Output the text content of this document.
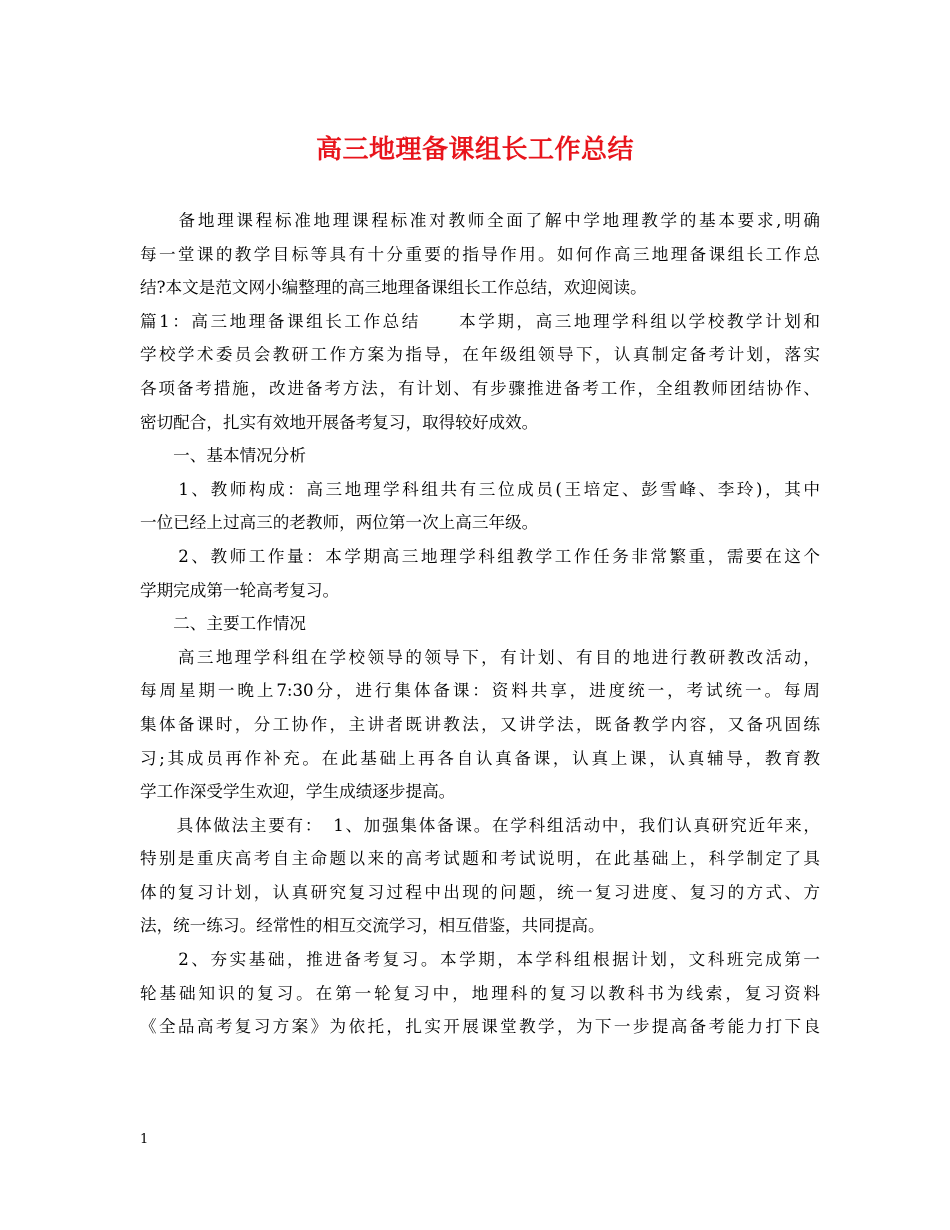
高三地理备课组长工作总结
　　备地理课程标准地理课程标准对教师全面了解中学地理教学的基本要求,明确
每一堂课的教学目标等具有十分重要的指导作用。如何作高三地理备课组长工作总
结?本文是范文网小编整理的高三地理备课组长工作总结，欢迎阅读。
篇1：高三地理备课组长工作总结　　本学期，高三地理学科组以学校教学计划和
学校学术委员会教研工作方案为指导，在年级组领导下，认真制定备考计划，落实
各项备考措施，改进备考方法，有计划、有步骤推进备考工作，全组教师团结协作、
密切配合，扎实有效地开展备考复习，取得较好成效。
　　一、基本情况分析
　　1、教师构成：高三地理学科组共有三位成员(王培定、彭雪峰、李玲)，其中
一位已经上过高三的老教师，两位第一次上高三年级。
　　2、教师工作量：本学期高三地理学科组教学工作任务非常繁重，需要在这个
学期完成第一轮高考复习。
　　二、主要工作情况
　　高三地理学科组在学校领导的领导下，有计划、有目的地进行教研教改活动，
每周星期一晚上7:30分，进行集体备课：资料共享，进度统一，考试统一。每周
集体备课时，分工协作，主讲者既讲教法，又讲学法，既备教学内容，又备巩固练
习;其成员再作补充。在此基础上再各自认真备课，认真上课，认真辅导，教育教
学工作深受学生欢迎，学生成绩逐步提高。
　　具体做法主要有：　1、加强集体备课。在学科组活动中，我们认真研究近年来，
特别是重庆高考自主命题以来的高考试题和考试说明，在此基础上，科学制定了具
体的复习计划，认真研究复习过程中出现的问题，统一复习进度、复习的方式、方
法，统一练习。经常性的相互交流学习，相互借鉴，共同提高。
　　2、夯实基础，推进备考复习。本学期，本学科组根据计划，文科班完成第一
轮基础知识的复习。在第一轮复习中，地理科的复习以教科书为线索，复习资料
《全品高考复习方案》为依托，扎实开展课堂教学，为下一步提高备考能力打下良
1
